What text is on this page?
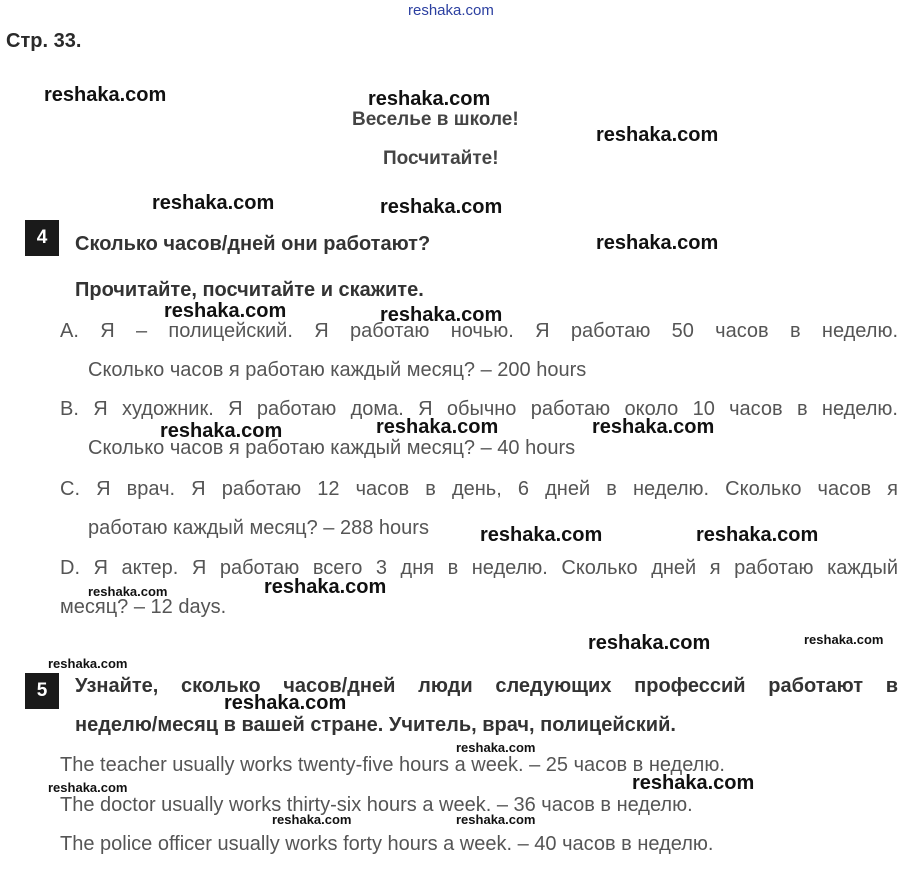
reshaka.com
Стр. 33.
Веселье в школе!
Посчитайте!
4	Сколько часов/дней они работают?
Прочитайте, посчитайте и скажите.
A. Я – полицейский. Я работаю ночью. Я работаю 50 часов в неделю.
Сколько часов я работаю каждый месяц? – 200 hours
B. Я художник. Я работаю дома. Я обычно работаю около 10 часов в неделю.
Сколько часов я работаю каждый месяц? – 40 hours
C. Я врач. Я работаю 12 часов в день, 6 дней в неделю. Сколько часов я
работаю каждый месяц? – 288 hours
D. Я актер. Я работаю всего 3 дня в неделю. Сколько дней я работаю каждый
месяц? – 12 days.
5	Узнайте, сколько часов/дней люди следующих профессий работают в
неделю/месяц в вашей стране. Учитель, врач, полицейский.
The teacher usually works twenty-five hours a week. – 25 часов в неделю.
The doctor usually works thirty-six hours a week. – 36 часов в неделю.
The police officer usually works forty hours a week. – 40 часов в неделю.
reshaka.com	reshaka.com
reshaka.com
reshaka.com	reshaka.com
reshaka.com
reshaka.com	reshaka.com
reshaka.com	reshaka.com	reshaka.com
reshaka.com	reshaka.com
reshaka.com
reshaka.com
reshaka.com
reshaka.com
reshaka.com
reshaka.com
reshaka.com
reshaka.com
reshaka.com
reshaka.com	reshaka.com
